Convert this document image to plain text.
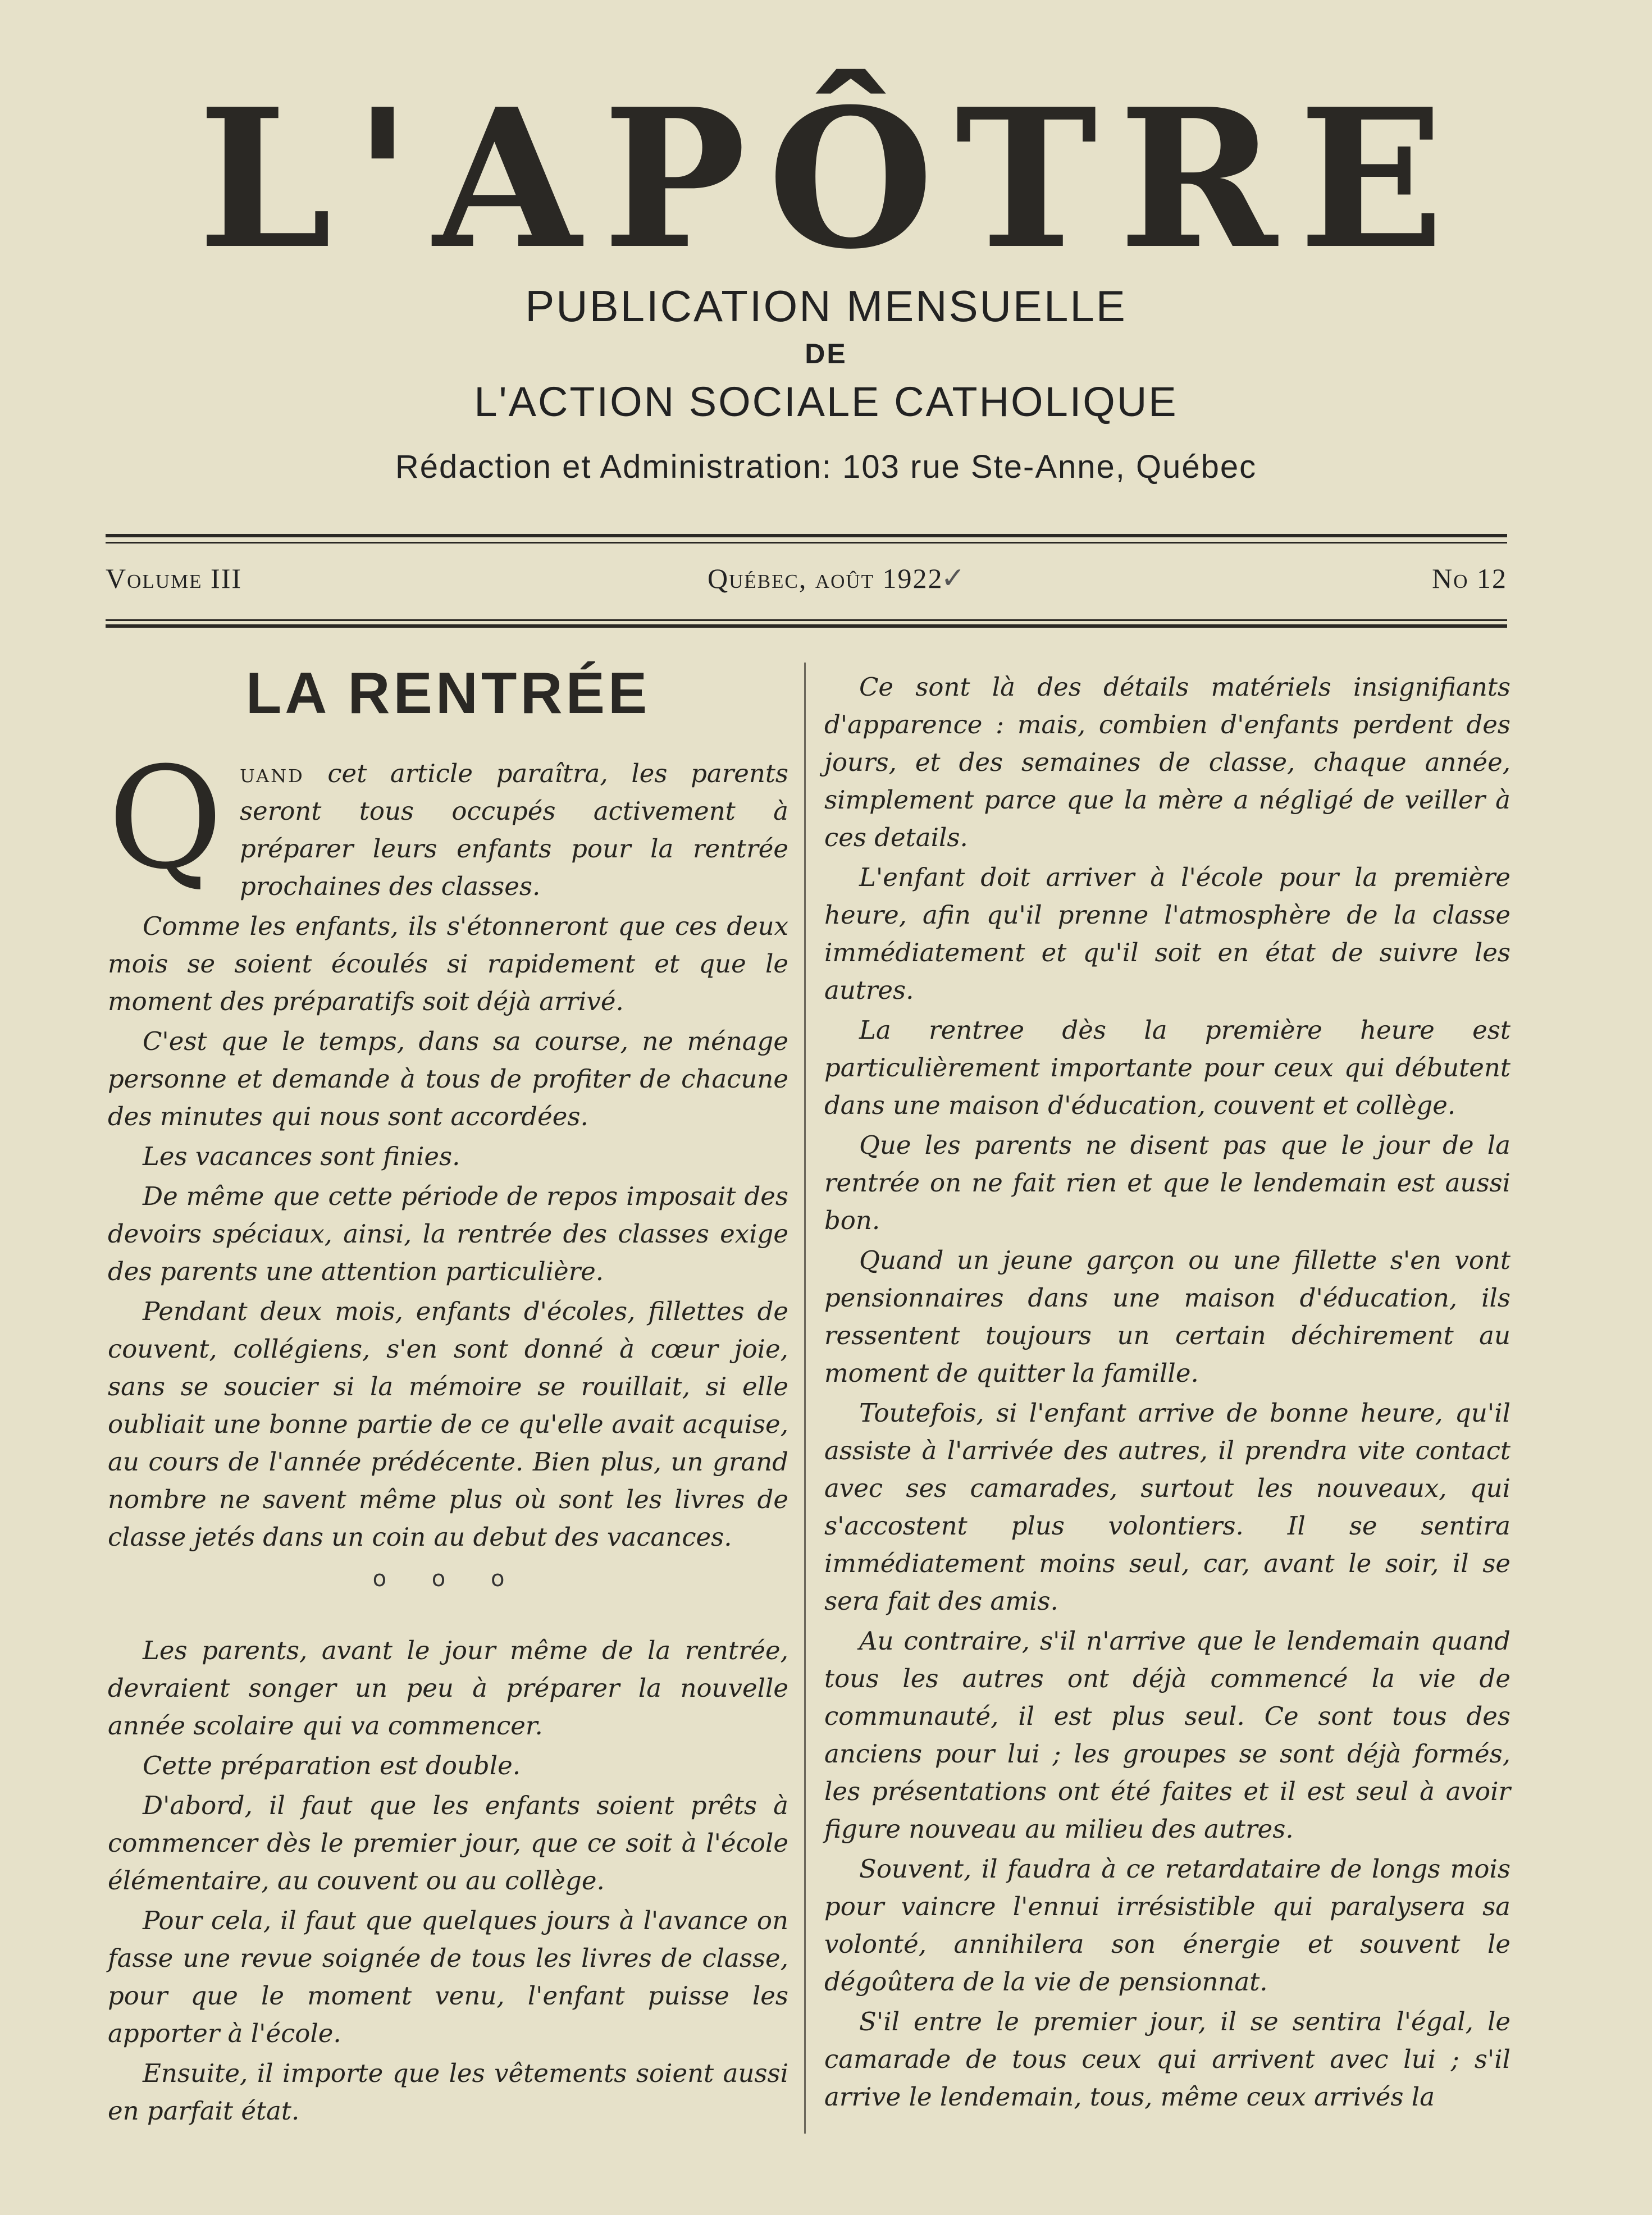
L'APÔTRE
PUBLICATION MENSUELLE
DE
L'ACTION SOCIALE CATHOLIQUE
Rédaction et Administration: 103 rue Ste-Anne, Québec
Volume III	Québec, août 1922✓	No 12
LA RENTRÉE

Quand cet article paraîtra, les parents seront tous occupés activement à préparer leurs enfants pour la rentrée prochaines des classes.

Comme les enfants, ils s'étonneront que ces deux mois se soient écoulés si rapidement et que le moment des préparatifs soit déjà arrivé.

C'est que le temps, dans sa course, ne ménage personne et demande à tous de profiter de chacune des minutes qui nous sont accordées.

Les vacances sont finies.

De même que cette période de repos imposait des devoirs spéciaux, ainsi, la rentrée des classes exige des parents une attention particulière.

Pendant deux mois, enfants d'écoles, fillettes de couvent, collégiens, s'en sont donné à cœur joie, sans se soucier si la mémoire se rouillait, si elle oubliait une bonne partie de ce qu'elle avait acquise, au cours de l'année prédécente. Bien plus, un grand nombre ne savent même plus où sont les livres de classe jetés dans un coin au debut des vacances.

o o o

Les parents, avant le jour même de la rentrée, devraient songer un peu à préparer la nouvelle année scolaire qui va commencer.

Cette préparation est double.

D'abord, il faut que les enfants soient prêts à commencer dès le premier jour, que ce soit à l'école élémentaire, au couvent ou au collège.

Pour cela, il faut que quelques jours à l'avance on fasse une revue soignée de tous les livres de classe, pour que le moment venu, l'enfant puisse les apporter à l'école.

Ensuite, il importe que les vêtements soient aussi en parfait état.

Ce sont là des détails matériels insignifiants d'apparence : mais, combien d'enfants perdent des jours, et des semaines de classe, chaque année, simplement parce que la mère a négligé de veiller à ces details.

L'enfant doit arriver à l'école pour la première heure, afin qu'il prenne l'atmosphère de la classe immédiatement et qu'il soit en état de suivre les autres.

La rentree dès la première heure est particulièrement importante pour ceux qui débutent dans une maison d'éducation, couvent et collège.

Que les parents ne disent pas que le jour de la rentrée on ne fait rien et que le lendemain est aussi bon.

Quand un jeune garçon ou une fillette s'en vont pensionnaires dans une maison d'éducation, ils ressentent toujours un certain déchirement au moment de quitter la famille.

Toutefois, si l'enfant arrive de bonne heure, qu'il assiste à l'arrivée des autres, il prendra vite contact avec ses camarades, surtout les nouveaux, qui s'accostent plus volontiers. Il se sentira immédiatement moins seul, car, avant le soir, il se sera fait des amis.

Au contraire, s'il n'arrive que le lendemain quand tous les autres ont déjà commencé la vie de communauté, il est plus seul. Ce sont tous des anciens pour lui ; les groupes se sont déjà formés, les présentations ont été faites et il est seul à avoir figure nouveau au milieu des autres.

Souvent, il faudra à ce retardataire de longs mois pour vaincre l'ennui irrésistible qui paralysera sa volonté, annihilera son énergie et souvent le dégoûtera de la vie de pensionnat.

S'il entre le premier jour, il se sentira l'égal, le camarade de tous ceux qui arrivent avec lui ; s'il arrive le lendemain, tous, même ceux arrivés la
